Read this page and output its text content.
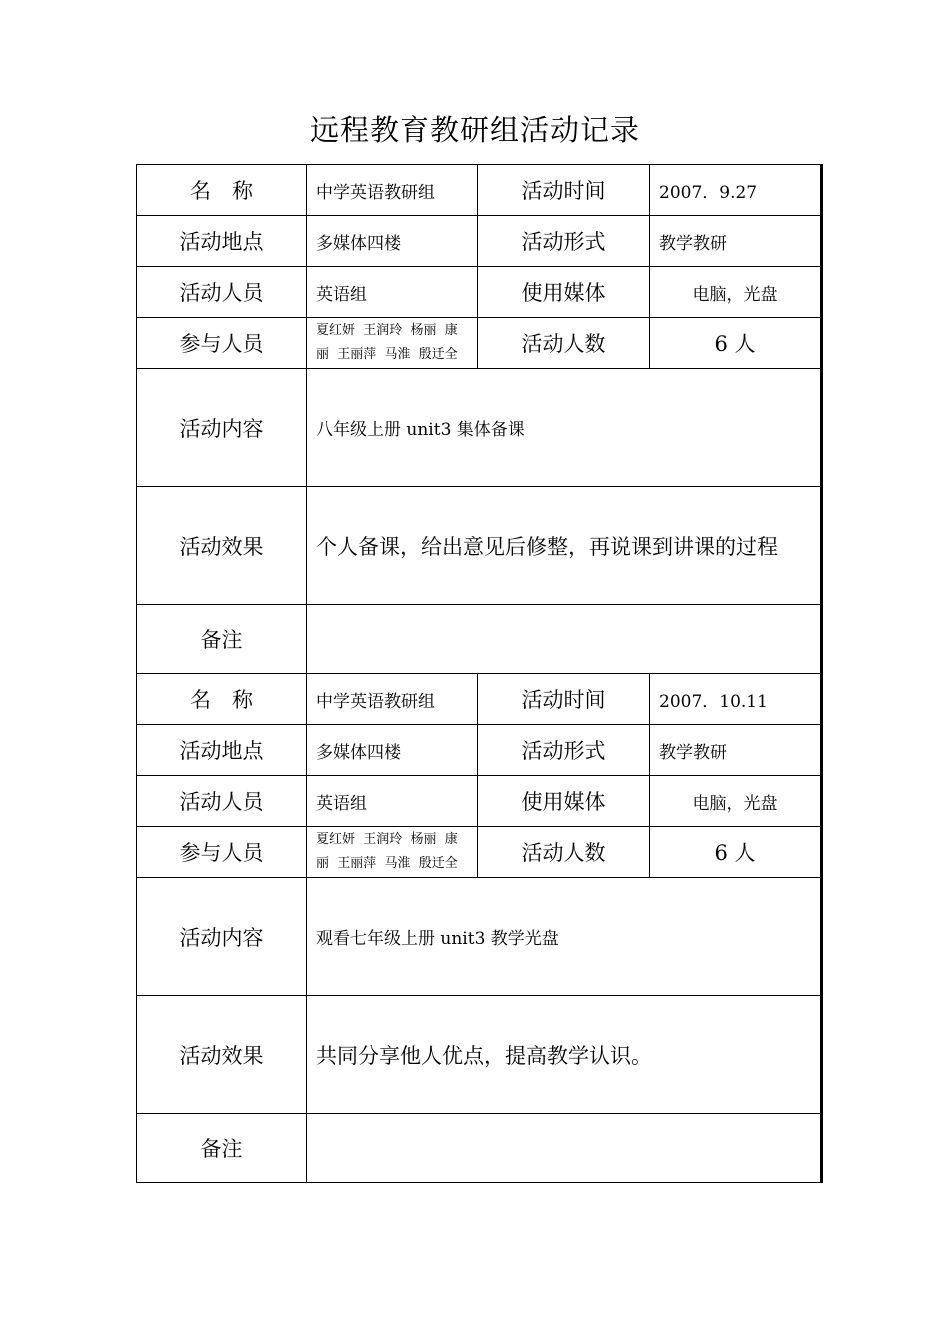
远程教育教研组活动记录
名　称	中学英语教研组	活动时间	2007．9.27
活动地点	多媒体四楼	活动形式	教学教研
活动人员	英语组	使用媒体	电脑，光盘
参与人员	夏红妍  王润玲  杨丽  康
丽  王丽萍  马淮  殷迁全	活动人数	6 人
活动内容	八年级上册 unit3 集体备课		
活动效果	个人备课，给出意见后修整，再说课到讲课的过程		
备注			
名　称	中学英语教研组	活动时间	2007．10.11
活动地点	多媒体四楼	活动形式	教学教研
活动人员	英语组	使用媒体	电脑，光盘
参与人员	夏红妍  王润玲  杨丽  康
丽  王丽萍  马淮  殷迁全	活动人数	6 人
活动内容	观看七年级上册 unit3 教学光盘		
活动效果	共同分享他人优点，提高教学认识。		
备注			
